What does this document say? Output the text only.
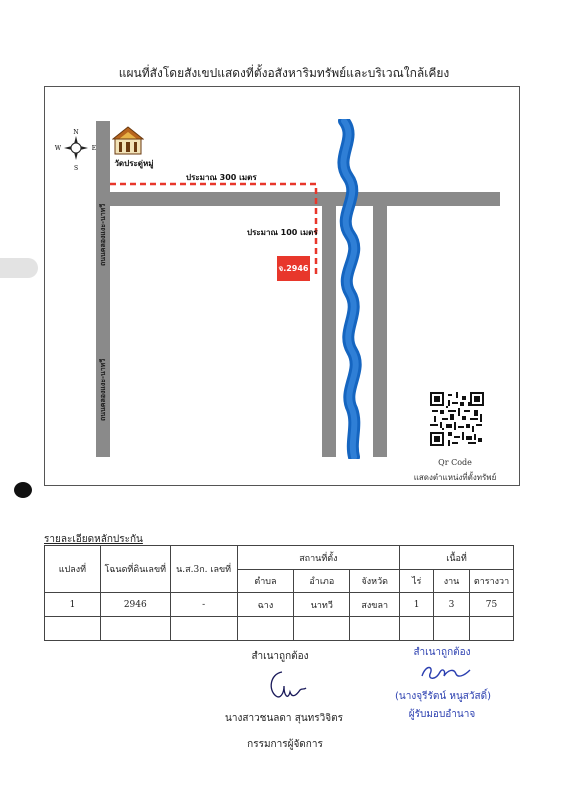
แผนที่สังโดยสังเขปแสดงที่ตั้งอสังหาริมทรัพย์และบริเวณใกล้เคียง
N
S
W	E
วัดประดู่หมู่
ถนนคลองแงะ-นาทวี
ถนนคลองแงะ-นาทวี
ประมาณ 300 เมตร
ประมาณ 100 เมตร
จ.2946
Qr Code
แสดงตำแหน่งที่ตั้งทรัพย์
รายละเอียดหลักประกัน
แปลงที่	โฉนดที่ดินเลขที่	น.ส.3ก. เลขที่	สถานที่ตั้ง			เนื้อที่		
			ตำบล	อำเภอ	จังหวัด	ไร่	งาน	ตารางวา
1	2946	-	ฉาง	นาทวี	สงขลา	1	3	75

สำเนาถูกต้อง
นางสาวชนลดา สุนทรวิจิตร
กรรมการผู้จัดการ
สำเนาถูกต้อง
(นางจุรีรัตน์ หนูสวัสดิ์)
ผู้รับมอบอำนาจ
